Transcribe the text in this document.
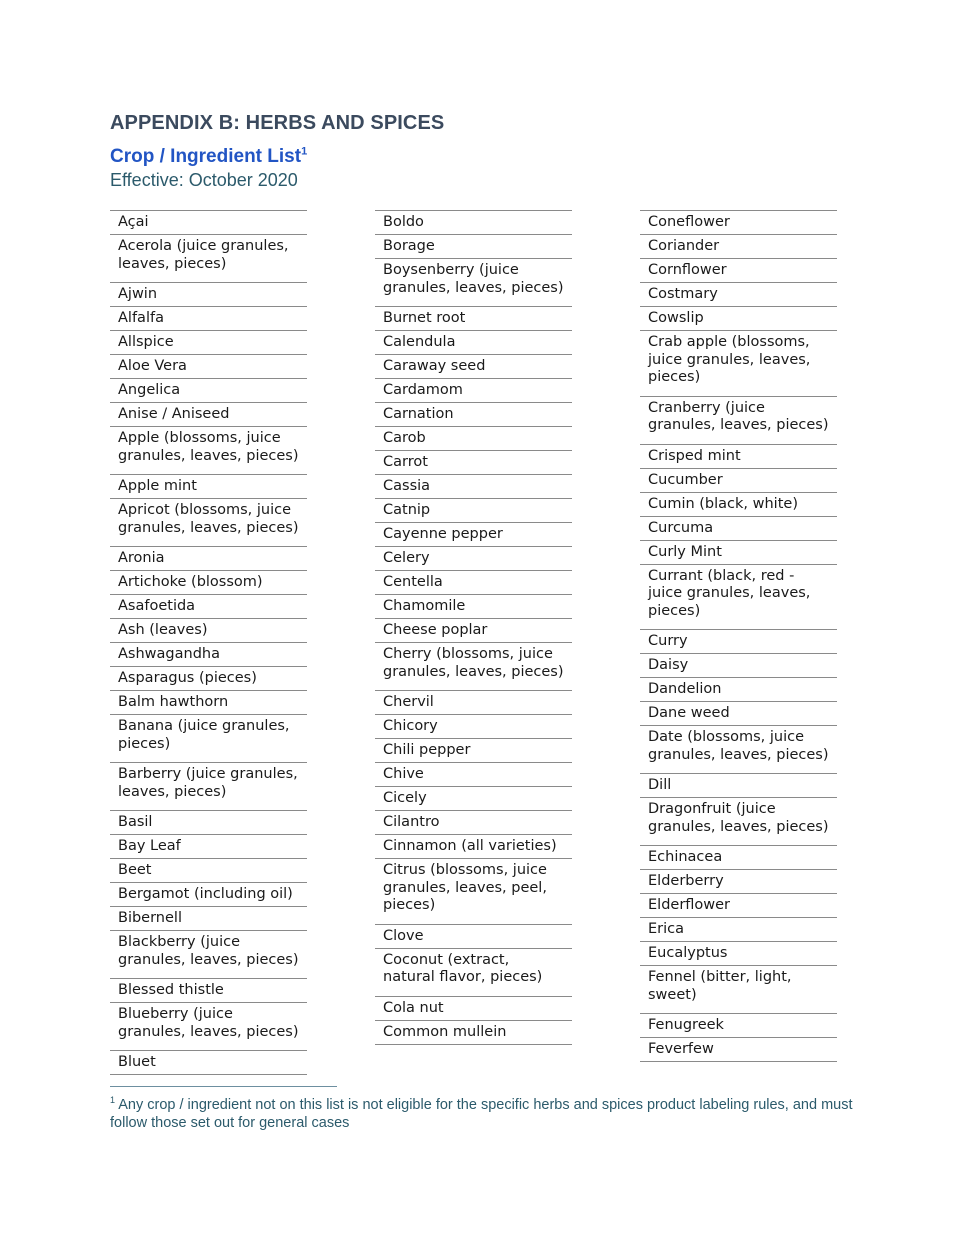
APPENDIX B: HERBS AND SPICES
Crop / Ingredient List$^1$
Effective: October 2020
Açai
Acerola (juice granules, leaves, pieces)
Ajwin
Alfalfa
Allspice
Aloe Vera
Angelica
Anise / Aniseed
Apple (blossoms, juice granules, leaves, pieces)
Apple mint
Apricot (blossoms, juice granules, leaves, pieces)
Aronia
Artichoke (blossom)
Asafoetida
Ash (leaves)
Ashwagandha
Asparagus (pieces)
Balm hawthorn
Banana (juice granules, pieces)
Barberry (juice granules, leaves, pieces)
Basil
Bay Leaf
Beet
Bergamot (including oil)
Bibernell
Blackberry (juice granules, leaves, pieces)
Blessed thistle
Blueberry (juice granules, leaves, pieces)
Bluet
Boldo
Borage
Boysenberry (juice granules, leaves, pieces)
Burnet root
Calendula
Caraway seed
Cardamom
Carnation
Carob
Carrot
Cassia
Catnip
Cayenne pepper
Celery
Centella
Chamomile
Cheese poplar
Cherry (blossoms, juice granules, leaves, pieces)
Chervil
Chicory
Chili pepper
Chive
Cicely
Cilantro
Cinnamon (all varieties)
Citrus (blossoms, juice granules, leaves, peel, pieces)
Clove
Coconut (extract, natural flavor, pieces)
Cola nut
Common mullein
Coneflower
Coriander
Cornflower
Costmary
Cowslip
Crab apple (blossoms, juice granules, leaves, pieces)
Cranberry (juice granules, leaves, pieces)
Crisped mint
Cucumber
Cumin (black, white)
Curcuma
Curly Mint
Currant (black, red - juice granules, leaves, pieces)
Curry
Daisy
Dandelion
Dane weed
Date (blossoms, juice granules, leaves, pieces)
Dill
Dragonfruit (juice granules, leaves, pieces)
Echinacea
Elderberry
Elderflower
Erica
Eucalyptus
Fennel (bitter, light, sweet)
Fenugreek
Feverfew
$^1$ Any crop / ingredient not on this list is not eligible for the specific herbs and spices product labeling rules, and must follow those set out for general cases
